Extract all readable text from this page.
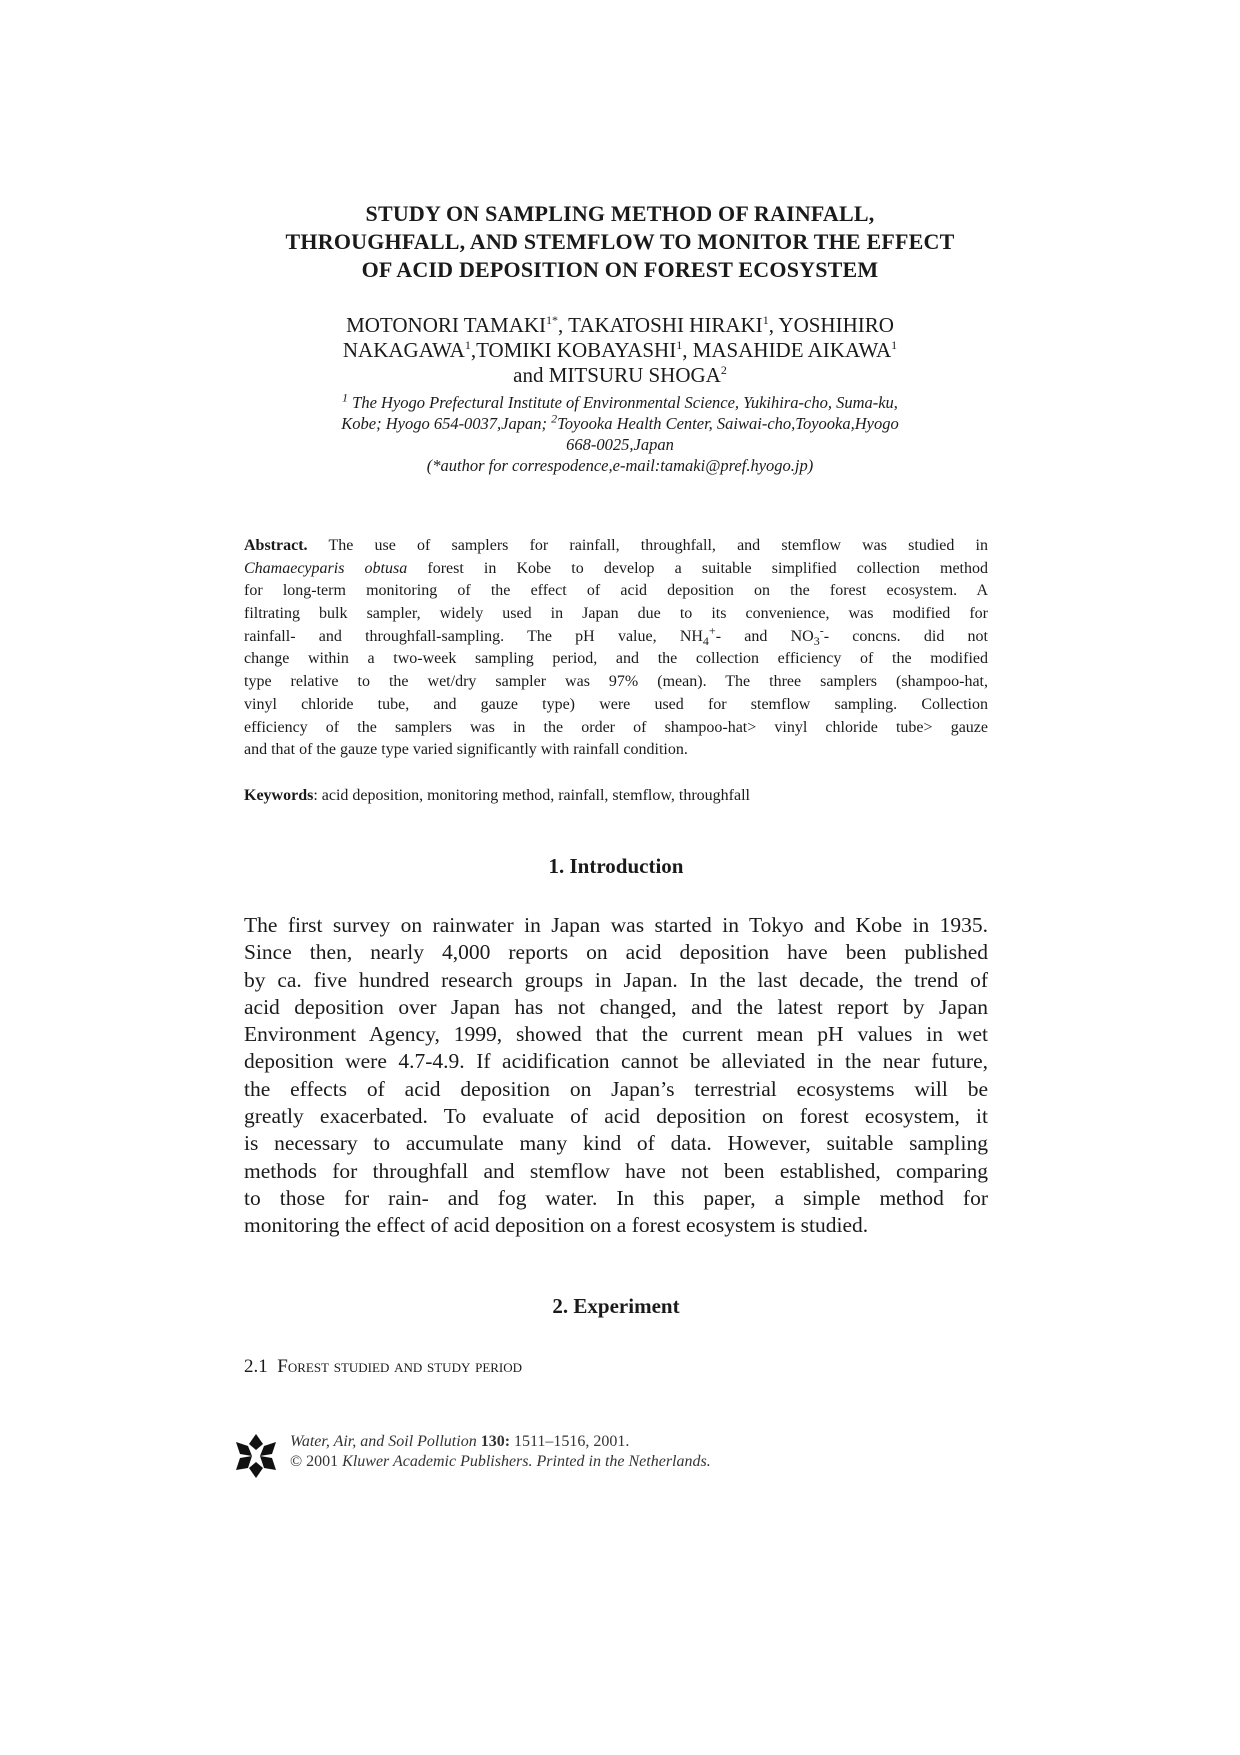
STUDY ON SAMPLING METHOD OF RAINFALL,
THROUGHFALL, AND STEMFLOW TO MONITOR THE EFFECT
OF ACID DEPOSITION ON FOREST ECOSYSTEM
MOTONORI $TAMAKI^{1*}$, TAKATOSHI HIRAKI$^1$, YOSHIHIRO
NAKAGAWA$^1$,TOMIKI KOBAYASHI$^1$, MASAHIDE AIKAWA$^1$
and MITSURU SHOGA$^2$
$^1$ The Hyogo Prefectural Institute of Environmental Science, Yukihira-cho, Suma-ku,
Kobe; Hyogo 654-0037,Japan; $^2$Toyooka Health Center, Saiwai-cho,Toyooka,Hyogo
668-0025,Japan
(*author for correspodence,e-mail:tamaki@pref.hyogo.jp)
Abstract. The use of samplers for rainfall, throughfall, and stemflow was studied in
Chamaecyparis obtusa forest in Kobe to develop a suitable simplified collection method
for long-term monitoring of the effect of acid deposition on the forest ecosystem. A
filtrating bulk sampler, widely used in Japan due to its convenience, was modified for
rainfall- and throughfall-sampling. The pH value, $NH_4^+-$ and $NO_3^--$ concns. did not
change within a two-week sampling period, and the collection efficiency of the modified
type relative to the wet/dry sampler was 97% (mean). The three samplers (shampoo-hat,
vinyl chloride tube, and gauze type) were used for stemflow sampling. Collection
efficiency of the samplers was in the order of shampoo-hat> vinyl chloride tube> gauze
and that of the gauze type varied significantly with rainfall condition.
Keywords: acid deposition, monitoring method, rainfall, stemflow, throughfall
1. Introduction
The first survey on rainwater in Japan was started in Tokyo and Kobe in 1935.
Since then, nearly 4,000 reports on acid deposition have been published
by ca. five hundred research groups in Japan. In the last decade, the trend of
acid deposition over Japan has not changed, and the latest report by Japan
Environment Agency, 1999, showed that the current mean pH values in wet
deposition were 4.7-4.9. If acidification cannot be alleviated in the near future,
the effects of acid deposition on Japan’s terrestrial ecosystems will be
greatly exacerbated. To evaluate of acid deposition on forest ecosystem, it
is necessary to accumulate many kind of data. However, suitable sampling
methods for throughfall and stemflow have not been established, comparing
to those for rain- and fog water. In this paper, a simple method for
monitoring the effect of acid deposition on a forest ecosystem is studied.
2. Experiment
2.1 Forest studied and study period
Water, Air, and Soil Pollution 130: 1511–1516, 2001.
© 2001 Kluwer Academic Publishers. Printed in the Netherlands.
